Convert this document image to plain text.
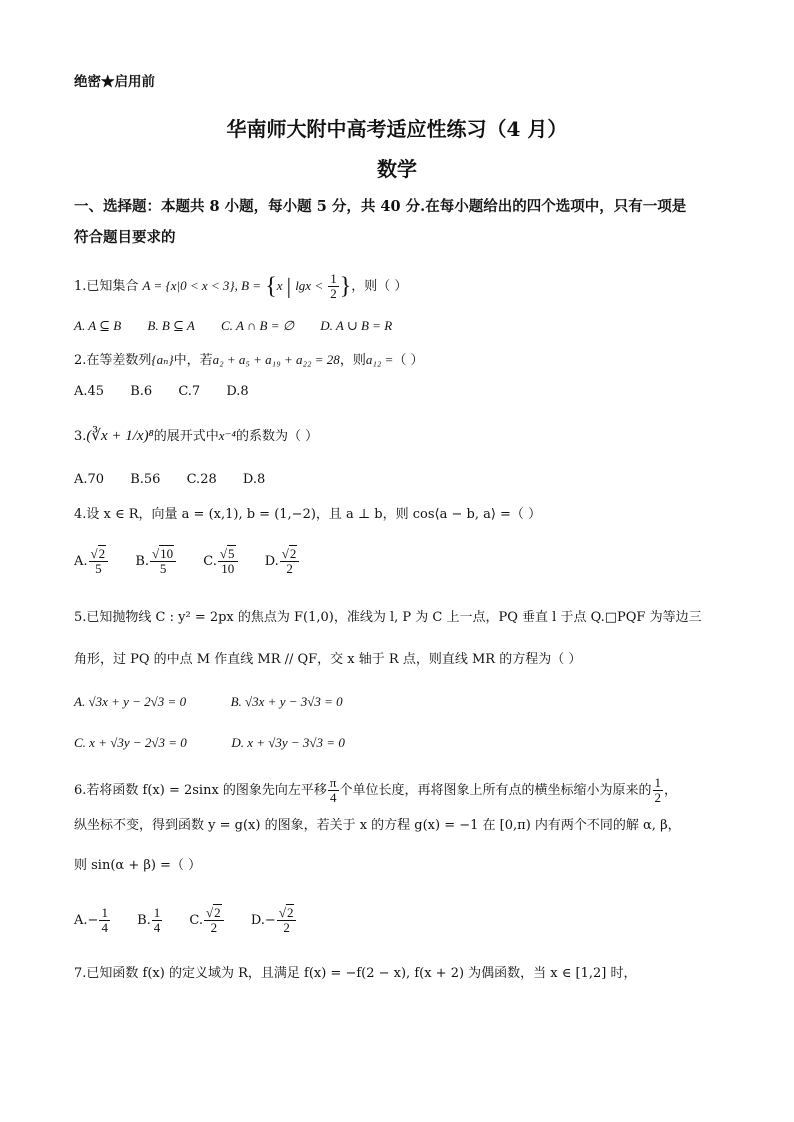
绝密★启用前
华南师大附中高考适应性练习（4 月）
数学
一、选择题：本题共 8 小题，每小题 5 分，共 40 分.在每小题给出的四个选项中，只有一项是
符合题目要求的
1.已知集合 A = {x|0 < x < 3}, B = {x | $\lg x < \frac{1}{2}$ }，则（ ）
A. A ⊆ B B. B ⊆ A C. A ∩ B = ∅ D. A ∪ B = R
2.在等差数列{aₙ}中，若a₂ + a₅ + a₁₉ + a₂₂ = 28，则a₁₂ =（ ）
A.45 B.6 C.7 D.8
3.(∛x + 1/x)⁸的展开式中x⁻⁴的系数为（ ）
A.70 B.56 C.28 D.8
4.设 x ∈ R，向量 a = (x,1), b = (1,−2)，且 a ⊥ b，则 cos⟨a − b, a⟩ =（ ）
A. $\frac{√2}{5} B$. $\frac{√10}{5} C$. $\frac{√5}{10} D$. $\frac{√2}{2}$
5.已知抛物线 C : y² = 2px 的焦点为 F(1,0)，准线为 l, P 为 C 上一点，PQ 垂直 l 于点 Q.□PQF 为等边三
角形，过 PQ 的中点 M 作直线 MR // QF，交 x 轴于 R 点，则直线 MR 的方程为（ ）
A. √3x + y − 2√3 = 0	B. √3x + y − 3√3 = 0
C. x + √3y − 2√3 = 0	D. x + √3y − 3√3 = 0
6.若将函数 f(x) = 2sinx 的图象先向左平移 $\frac{\pi}{4}$ 个单位长度，再将图象上所有点的横坐标缩小为原来的 $\frac{1}{2}$ ，
纵坐标不变，得到函数 y = g(x) 的图象，若关于 x 的方程 g(x) = −1 在 [0,π) 内有两个不同的解 α, β，
则 sin(α + β) =（ ）
$A.- \frac{1}{4} B$. $\frac{1}{4} C$. $\frac{√2}{2} D.- \frac{√2}{2}$
7.已知函数 f(x) 的定义域为 R，且满足 f(x) = −f(2 − x), f(x + 2) 为偶函数，当 x ∈ [1,2] 时，
